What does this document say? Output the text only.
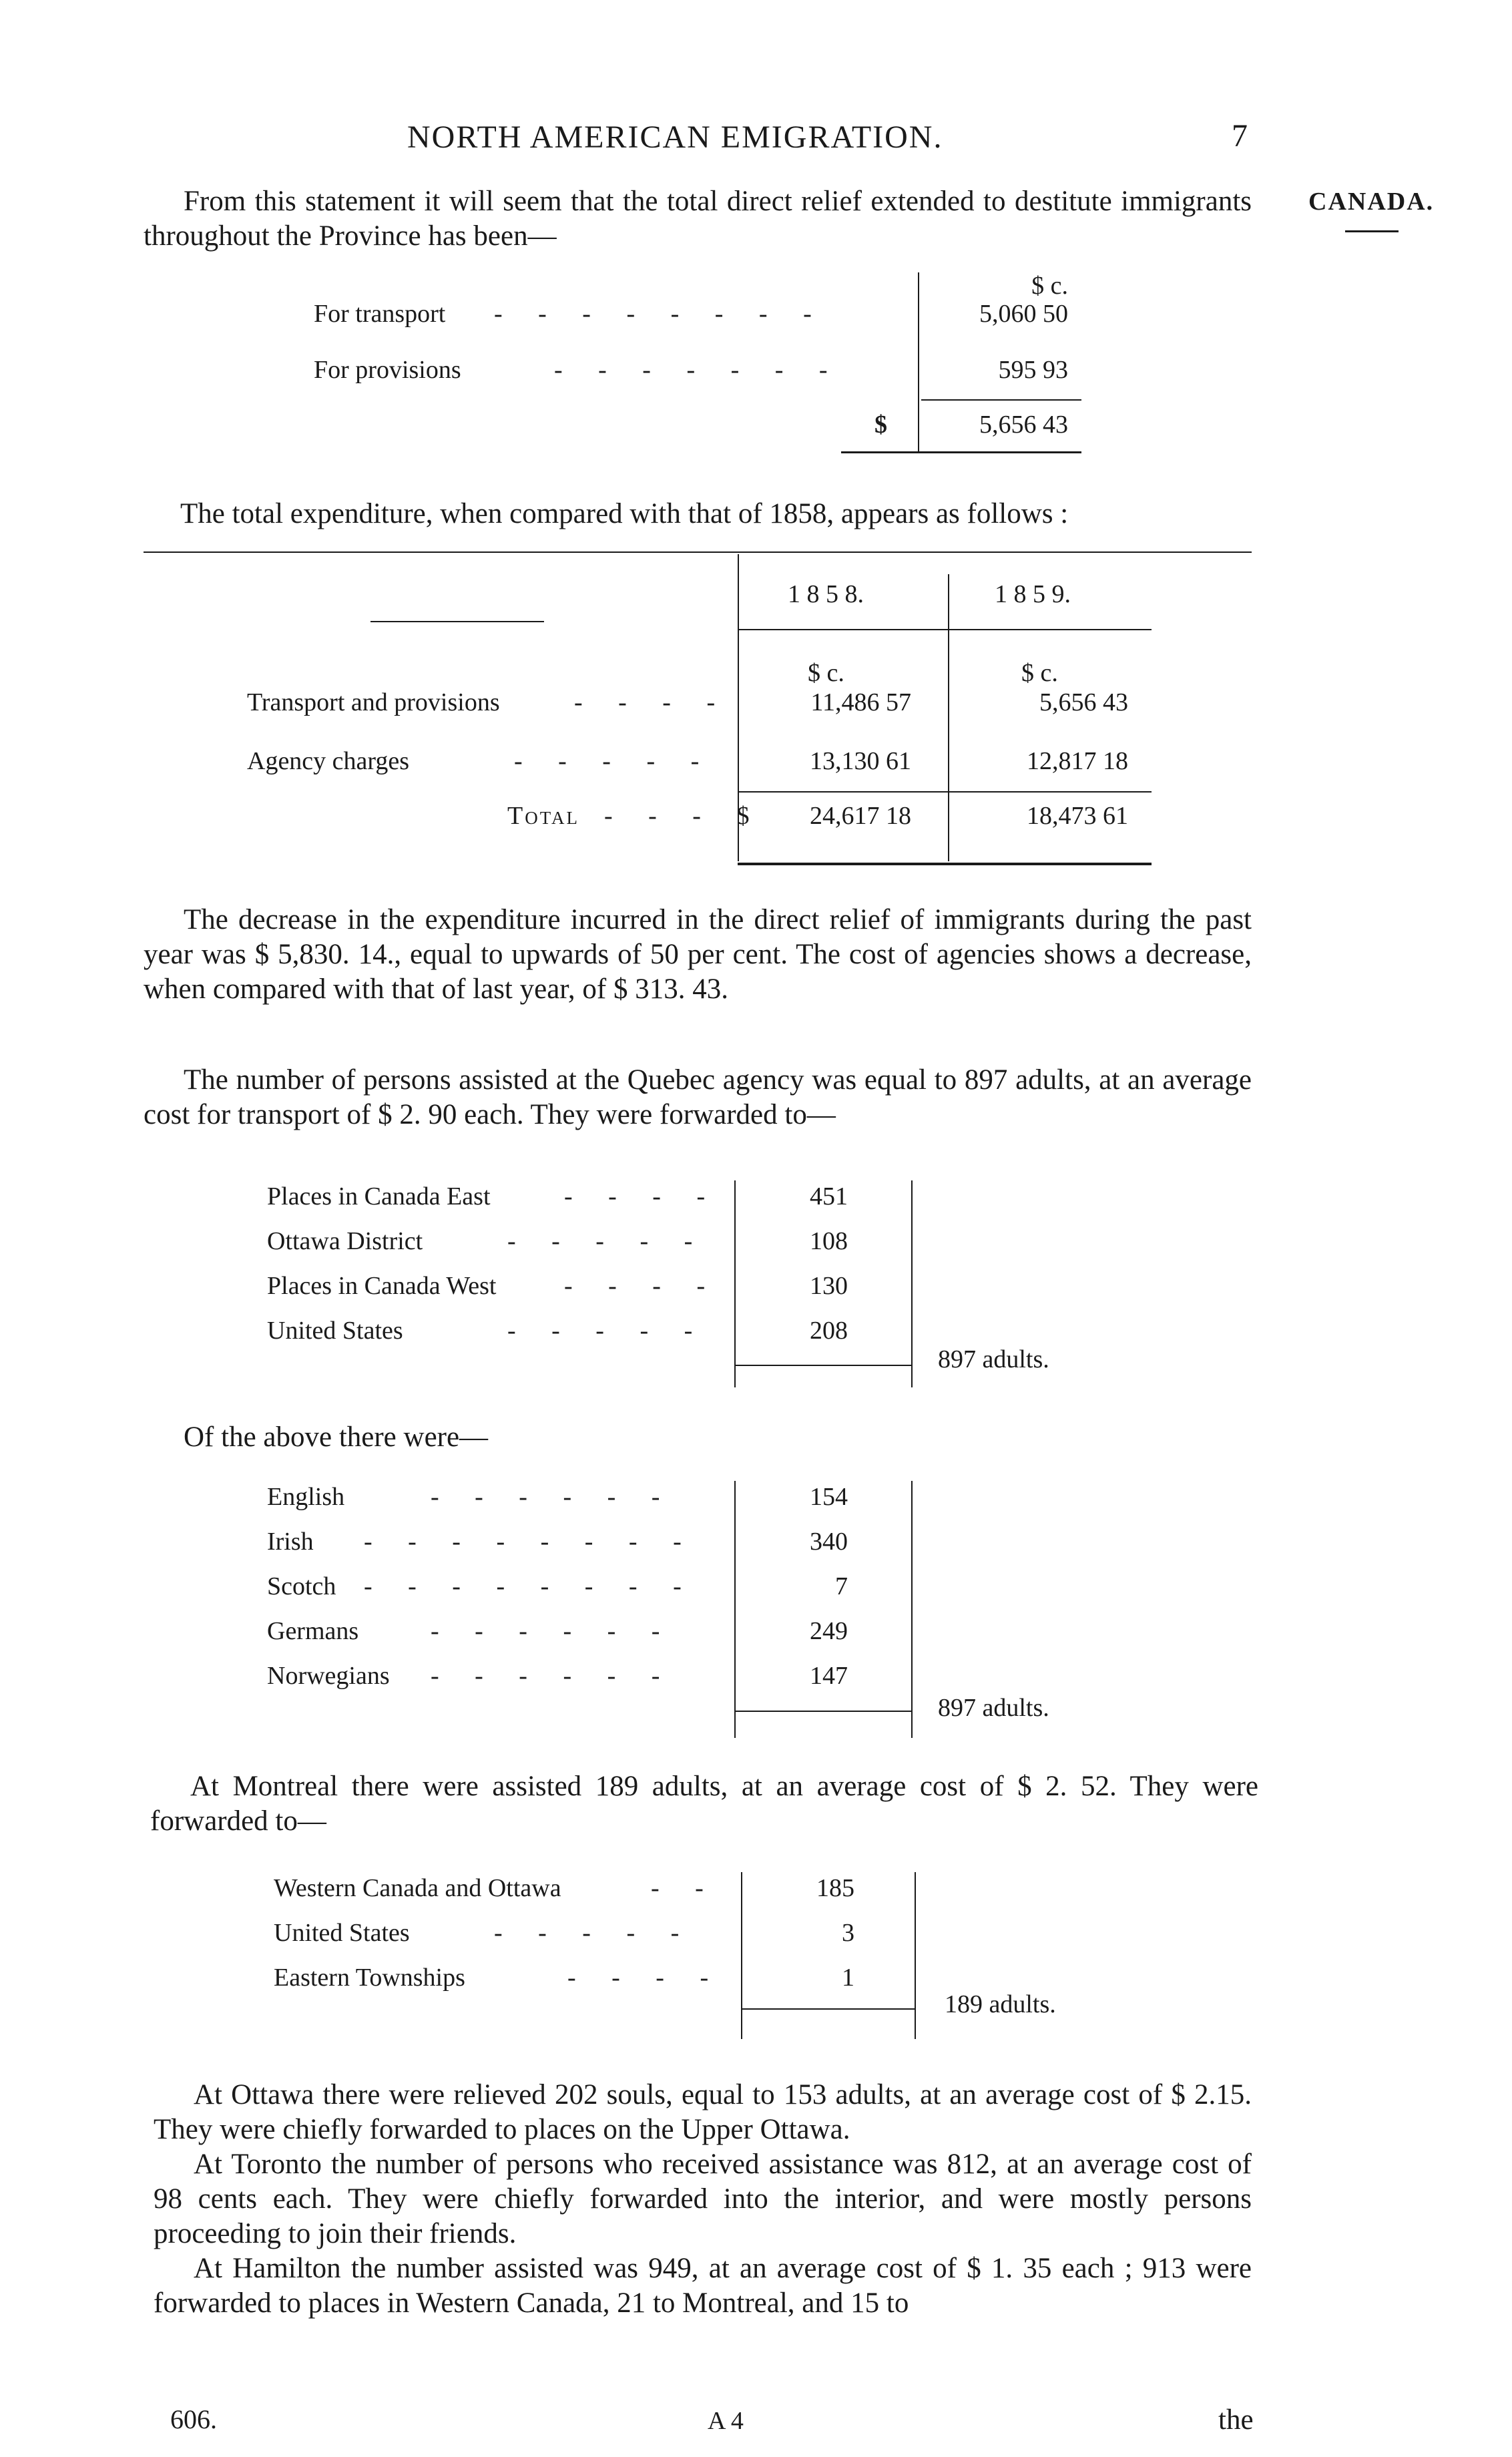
NORTH AMERICAN EMIGRATION.	7
CANADA.

From this statement it will seem that the total direct relief extended to destitute immigrants throughout the Province has been—

$ c.
For transport - - - - - - - -	5,060 50
For provisions	- - - - - - -	595 93
$	5,656 43
The total expenditure, when compared with that of 1858, appears as follows :
1 8 5 8.	1 8 5 9.
$ c.	$ c.
Transport and provisions	- - - -	11,486 57	5,656 43
Agency charges	- - - - -	13,130 61	12,817 18
Total - - - $	24,617 18	18,473 61

The decrease in the expenditure incurred in the direct relief of immigrants during the past year was $ 5,830. 14., equal to upwards of 50 per cent. The cost of agencies shows a decrease, when compared with that of last year, of $ 313. 43.

The number of persons assisted at the Quebec agency was equal to 897 adults, at an average cost for transport of $ 2. 90 each. They were forwarded to—

Places in Canada East	- - - -	451
Ottawa District	- - - - -	108
Places in Canada West	- - - -	130
United States	- - - - -	208
897 adults.
Of the above there were—
English	- - - - - -	154
Irish - - - - - - - -	340
Scotch - - - - - - - -	7
Germans	- - - - - -	249
Norwegians - - - - - -	147
897 adults.

At Montreal there were assisted 189 adults, at an average cost of $ 2. 52. They were forwarded to—

Western Canada and Ottawa	- -	185
United States	- - - - -	3
Eastern Townships	- - - -	1
189 adults.

At Ottawa there were relieved 202 souls, equal to 153 adults, at an average cost of $ 2.15. They were chiefly forwarded to places on the Upper Ottawa.

At Toronto the number of persons who received assistance was 812, at an average cost of 98 cents each. They were chiefly forwarded into the interior, and were mostly persons proceeding to join their friends.

At Hamilton the number assisted was 949, at an average cost of $ 1. 35 each ; 913 were forwarded to places in Western Canada, 21 to Montreal, and 15 to

606.	A 4	the
